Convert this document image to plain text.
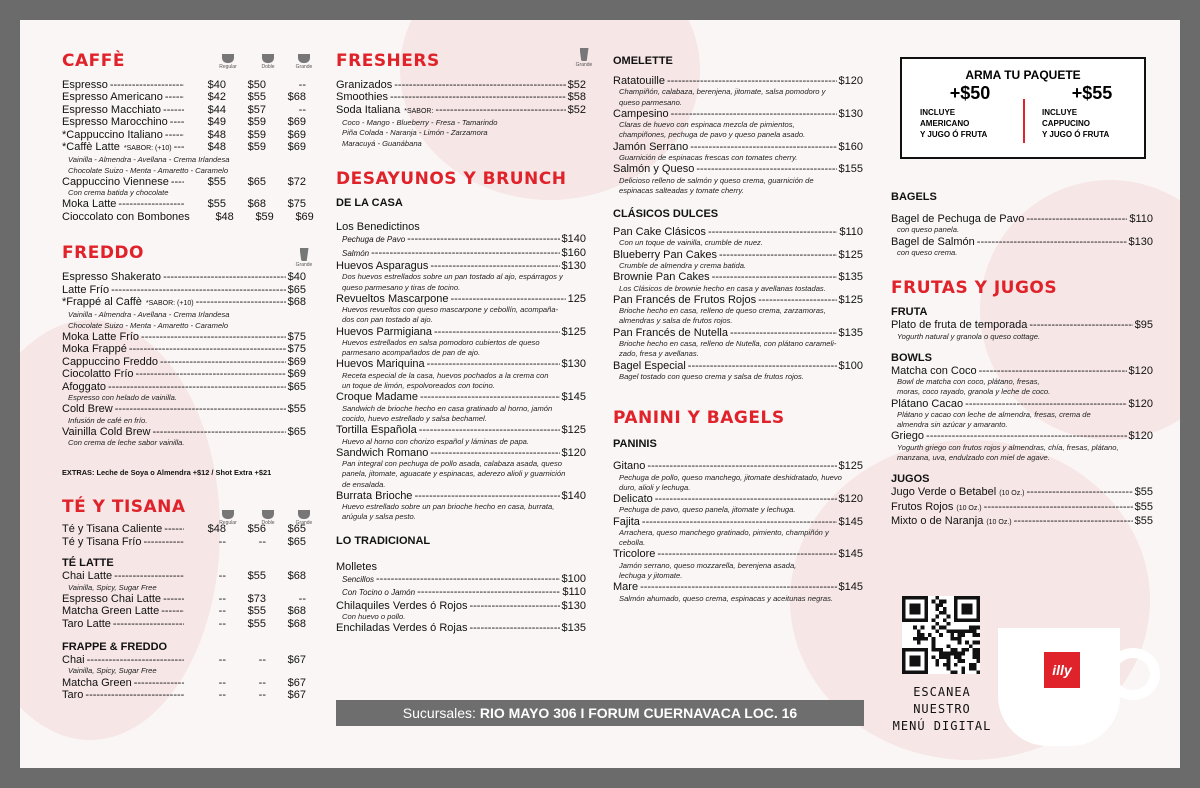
CAFFÈ
Espresso -----	$40	$50	--
Espresso Americano -----	$42	$55	$68
Espresso Macchiato -----	$44	$57	--
Espresso Marocchino -----	$49	$59	$69
*Cappuccino Italiano -----	$48	$59	$69
*Caffè Latte *SABOR: (+10) -----	$48	$59	$69
Vainilla - Almendra - Avellana - Crema Irlandesa
Chocolate Suizo - Menta - Amaretto - Caramelo
Cappuccino Viennese -----	$55	$65	$72
Con crema batida y chocolate
Moka Latte -----	$55	$68	$75
Cioccolato con Bombones	$48	$59	$69
Regular	Doble	Grande
FREDDO
Espresso Shakerato -----	$40
Latte Frío -----	$65
*Frappé al Caffè *SABOR: (+10) -----	$68
Vainilla - Almendra - Avellana - Crema Irlandesa
Chocolate Suizo - Menta - Amaretto - Caramelo
Moka Latte Frío -----	$75
Moka Frappé -----	$75
Cappuccino Freddo -----	$69
Ciocolatto Frío -----	$69
Afoggato -----	$65
Espresso con helado de vainilla.
Cold Brew -----	$55
Infusión de café en frío.
Vainilla Cold Brew -----	$65
Con crema de leche sabor vainilla.
Grande
EXTRAS: Leche de Soya o Almendra +$12 / Shot Extra +$21
TÉ Y TISANA
Té y Tisana Caliente -----	$48	$56	$65
Té y Tisana Frío -----	--	--	$65
Regular	Doble	Grande
TÉ LATTE
Chai Latte -----	--	$55	$68
Vainilla, Spicy, Sugar Free
Espresso Chai Latte -----	--	$73	--
Matcha Green Latte -----	--	$55	$68
Taro Latte -----	--	$55	$68
FRAPPE & FREDDO
Chai -----	--	--	$67
Vainilla, Spicy, Sugar Free
Matcha Green -----	--	--	$67
Taro -----	--	--	$67
FRESHERS
Granizados -----	$52
Smoothies -----	$58
Soda Italiana *SABOR: -----	$52
Coco - Mango - Blueberry - Fresa - Tamarindo
Piña Colada - Naranja - Limón - Zarzamora
Maracuyá - Guanábana
Grande
DESAYUNOS Y BRUNCH
DE LA CASA
Los Benedictinos
Pechuga de Pavo -----	$140
Salmón -----	$160
Huevos Asparagus -----	$130
Dos huevos estrellados sobre un pan tostado al ajo, espárragos y
queso parmesano y tiras de tocino.
Revueltos Mascarpone -----	125
Huevos revueltos con queso mascarpone y cebollín, acompaña-
dos con pan tostado al ajo.
Huevos Parmigiana -----	$125
Huevos estrellados en salsa pomodoro cubiertos de queso
parmesano acompañados de pan de ajo.
Huevos Mariquina -----	$130
Receta especial de la casa, huevos pochados a la crema con
un toque de limón, espolvoreados con tocino.
Croque Madame -----	$145
Sandwich de brioche hecho en casa gratinado al horno, jamón
cocido, huevo estrellado y salsa bechamel.
Tortilla Española -----	$125
Huevo al horno con chorizo español y láminas de papa.
Sandwich Romano -----	$120
Pan integral con pechuga de pollo asada, calabaza asada, queso
panela, jitomate, aguacate y espinacas, aderezo alioli y guarnición
de ensalada.
Burrata Brioche -----	$140
Huevo estrellado sobre un pan brioche hecho en casa, burrata,
arúgula y salsa pesto.
LO TRADICIONAL
Molletes
Sencillos -----	$100
Con Tocino o Jamón -----	$110
Chilaquiles Verdes ó Rojos -----	$130
Con huevo o pollo.
Enchiladas Verdes ó Rojas -----	$135
OMELETTE
Ratatouille -----	$120
Champiñón, calabaza, berenjena, jitomate, salsa pomodoro y
queso parmesano.
Campesino -----	$130
Claras de huevo con espinaca mezcla de pimientos,
champiñones, pechuga de pavo y queso panela asado.
Jamón Serrano -----	$160
Guarnición de espinacas frescas con tomates cherry.
Salmón y Queso -----	$155
Delicioso relleno de salmón y queso crema, guarnición de
espinacas salteadas y tomate cherry.
CLÁSICOS DULCES
Pan Cake Clásicos -----	$110
Con un toque de vainilla, crumble de nuez.
Blueberry Pan Cakes -----	$125
Crumble de almendra y crema batida.
Brownie Pan Cakes -----	$135
Los Clásicos de brownie hecho en casa y avellanas tostadas.
Pan Francés de Frutos Rojos -----	$125
Brioche hecho en casa, relleno de queso crema, zarzamoras,
almendras y salsa de frutos rojos.
Pan Francés de Nutella -----	$135
Brioche hecho en casa, relleno de Nutella, con plátano carameli-
zado, fresa y avellanas.
Bagel Especial -----	$100
Bagel tostado con queso crema y salsa de frutos rojos.
PANINI Y BAGELS
PANINIS
Gitano -----	$125
Pechuga de pollo, queso manchego, jitomate deshidratado, huevo
duro, alioli y lechuga.
Delicato -----	$120
Pechuga de pavo, queso panela, jitomate y lechuga.
Fajita -----	$145
Arrachera, queso manchego gratinado, pimiento, champiñón y
cebolla.
Tricolore -----	$145
Jamón serrano, queso mozzarella, berenjena asada,
lechuga y jitomate.
Mare -----	$145
Salmón ahumado, queso crema, espinacas y aceitunas negras.
BAGELS
Bagel de Pechuga de Pavo -----	$110
con queso panela.
Bagel de Salmón -----	$130
con queso crema.
FRUTAS Y JUGOS
FRUTA
Plato de fruta de temporada -----	$95
Yogurth natural y granola o queso cottage.
BOWLS
Matcha con Coco -----	$120
Bowl de matcha con coco, plátano, fresas,
moras, coco rayado, granola y leche de coco.
Plátano Cacao -----	$120
Plátano y cacao con leche de almendra, fresas, crema de
almendra sin azúcar y amaranto.
Griego -----	$120
Yogurth griego con frutos rojos y almendras, chía, fresas, plátano,
manzana, uva, endulzado con miel de agave.
JUGOS
Jugo Verde o Betabel (10 Oz.) -----	$55
Frutos Rojos (10 Oz.) -----	$55
Mixto o de Naranja (10 Oz.) -----	$55
ARMA TU PAQUETE
+$50
INCLUYE
AMERICANO
Y JUGO Ó FRUTA
+$55
INCLUYE
CAPPUCINO
Y JUGO Ó FRUTA
Sucursales: RIO MAYO 306 I FORUM CUERNAVACA LOC. 16
ESCANEA NUESTRO
MENÚ DIGITAL
illy
